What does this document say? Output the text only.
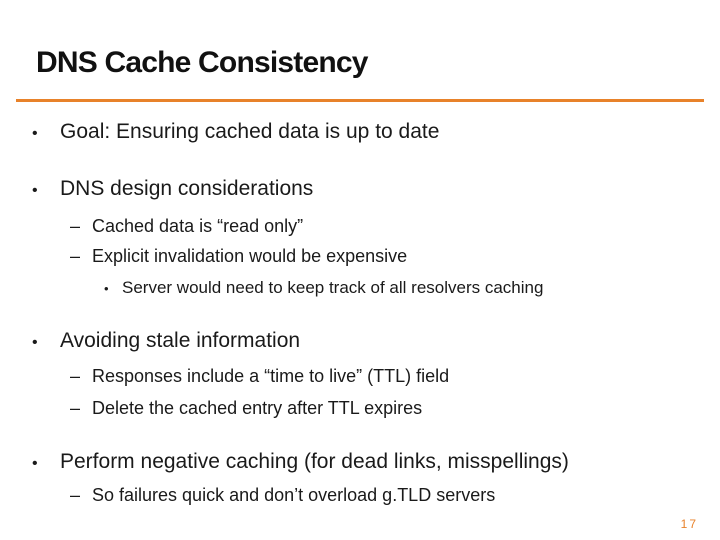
DNS Cache Consistency
•	Goal: Ensuring cached data is up to date
•	DNS design considerations
– Cached data is “read only”
– Explicit invalidation would be expensive
• Server would need to keep track of all resolvers caching
•	Avoiding stale information
– Responses include a “time to live” (TTL) field
– Delete the cached entry after TTL expires
•	Perform negative caching (for dead links, misspellings)
– So failures quick and don’t overload g.TLD servers
17
